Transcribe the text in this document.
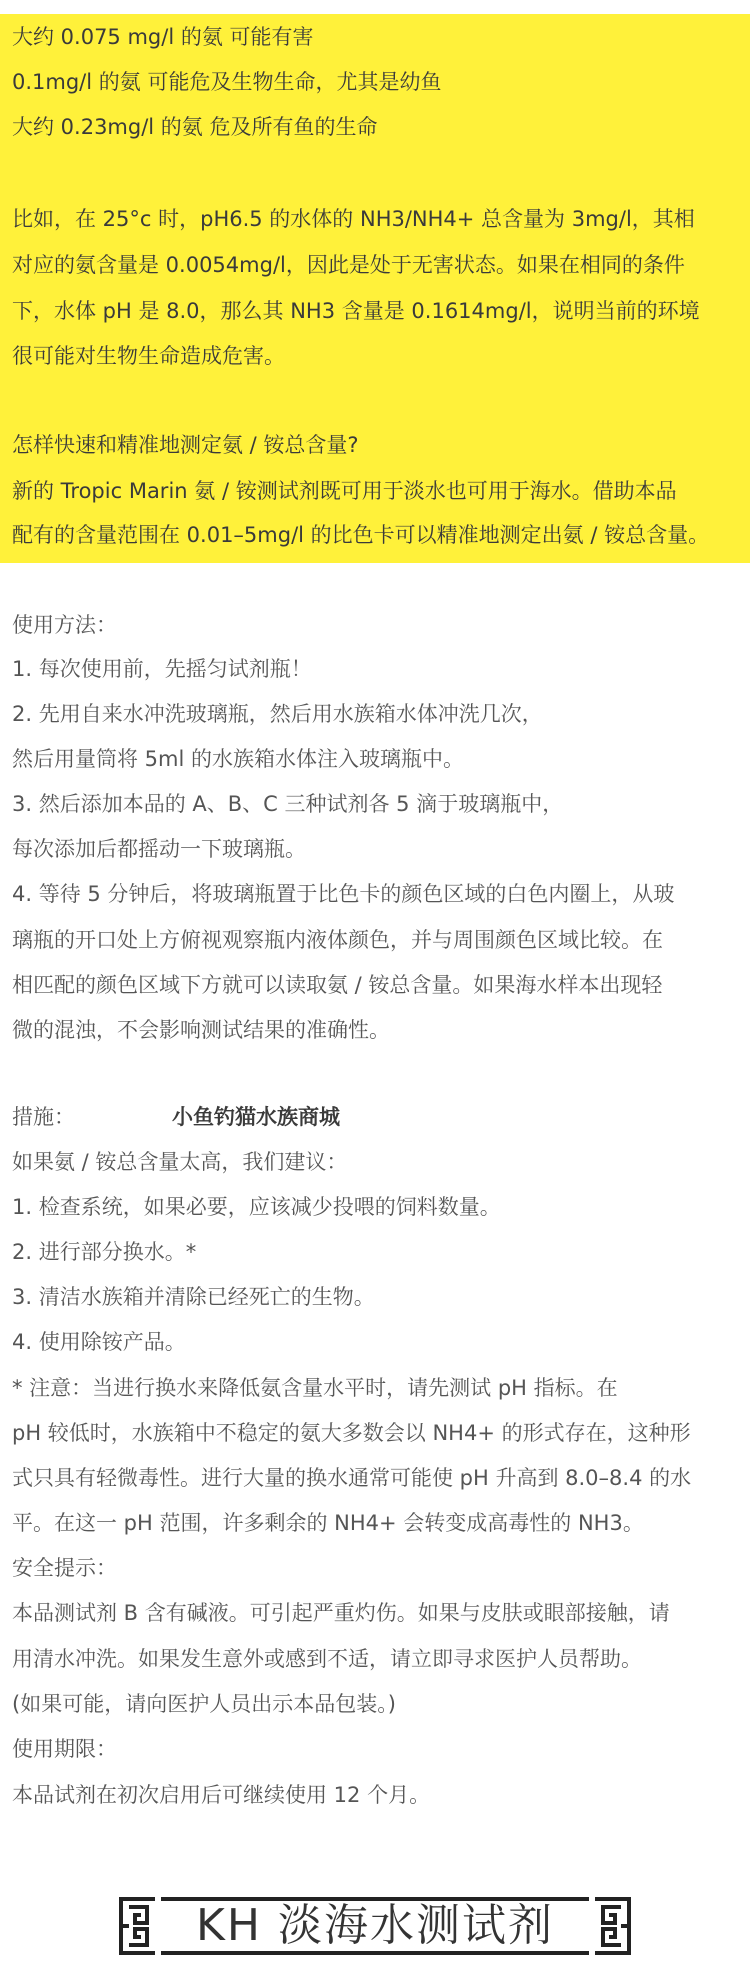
大约 0.075 mg/l 的氨 可能有害
0.1mg/l 的氨 可能危及生物生命，尤其是幼鱼
大约 0.23mg/l 的氨 危及所有鱼的生命
比如，在 25°c 时，pH6.5 的水体的 NH3/NH4+ 总含量为 3mg/l，其相
对应的氨含量是 0.0054mg/l，因此是处于无害状态。如果在相同的条件
下，水体 pH 是 8.0，那么其 NH3 含量是 0.1614mg/l，说明当前的环境
很可能对生物生命造成危害。
怎样快速和精准地测定氨 / 铵总含量?
新的 Tropic Marin 氨 / 铵测试剂既可用于淡水也可用于海水。借助本品
配有的含量范围在 0.01–5mg/l 的比色卡可以精准地测定出氨 / 铵总含量。
使用方法：
1. 每次使用前，先摇匀试剂瓶！
2. 先用自来水冲洗玻璃瓶，然后用水族箱水体冲洗几次，
然后用量筒将 5ml 的水族箱水体注入玻璃瓶中。
3. 然后添加本品的 A、B、C 三种试剂各 5 滴于玻璃瓶中，
每次添加后都摇动一下玻璃瓶。
4. 等待 5 分钟后，将玻璃瓶置于比色卡的颜色区域的白色内圈上，从玻
璃瓶的开口处上方俯视观察瓶内液体颜色，并与周围颜色区域比较。在
相匹配的颜色区域下方就可以读取氨 / 铵总含量。如果海水样本出现轻
微的混浊，不会影响测试结果的准确性。
措施：	小鱼钓猫水族商城
如果氨 / 铵总含量太高，我们建议：
1. 检查系统，如果必要，应该减少投喂的饲料数量。
2. 进行部分换水。*
3. 清洁水族箱并清除已经死亡的生物。
4. 使用除铵产品。
* 注意：当进行换水来降低氨含量水平时，请先测试 pH 指标。在
pH 较低时，水族箱中不稳定的氨大多数会以 NH4+ 的形式存在，这种形
式只具有轻微毒性。进行大量的换水通常可能使 pH 升高到 8.0–8.4 的水
平。在这一 pH 范围，许多剩余的 NH4+ 会转变成高毒性的 NH3。
安全提示：
本品测试剂 B 含有碱液。可引起严重灼伤。如果与皮肤或眼部接触，请
用清水冲洗。如果发生意外或感到不适，请立即寻求医护人员帮助。
(如果可能，请向医护人员出示本品包装。)
使用期限：
本品试剂在初次启用后可继续使用 12 个月。
KH 淡海水测试剂
